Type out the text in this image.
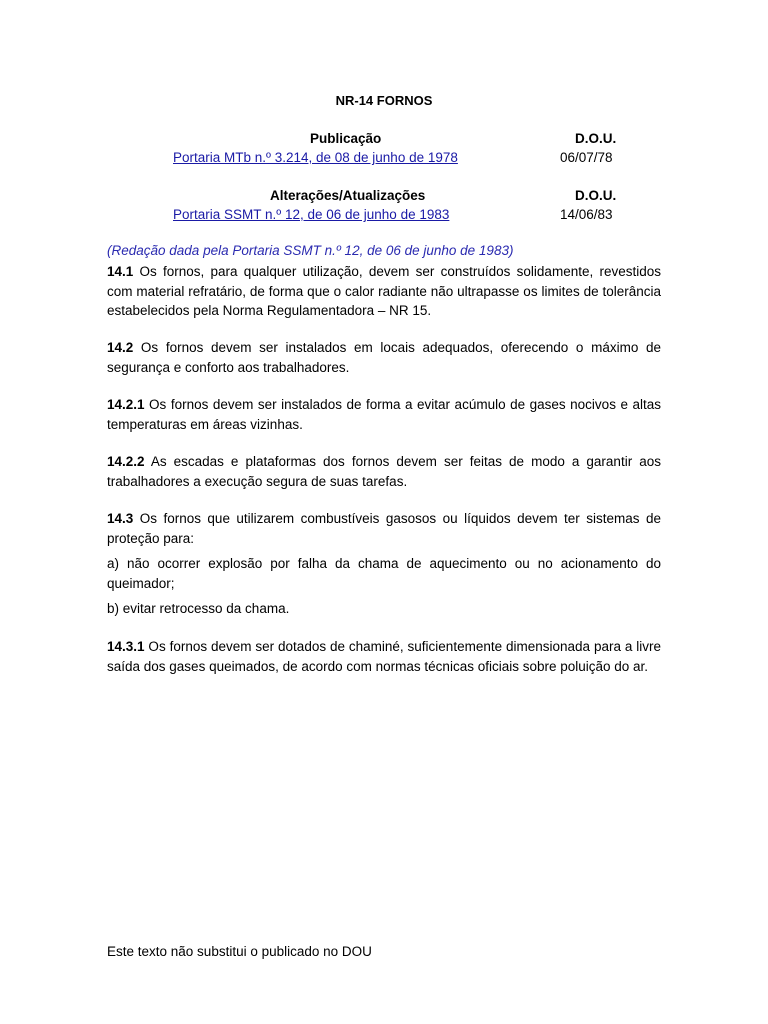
NR-14 FORNOS
Publicação	D.O.U.
Portaria MTb n.º 3.214, de 08 de junho de 1978	06/07/78
Alterações/Atualizações	D.O.U.
Portaria SSMT n.º 12, de 06 de junho de 1983	14/06/83
(Redação dada pela Portaria SSMT n.º 12, de 06 de junho de 1983)
14.1 Os fornos, para qualquer utilização, devem ser construídos solidamente, revestidos com material refratário, de forma que o calor radiante não ultrapasse os limites de tolerância estabelecidos pela Norma Regulamentadora – NR 15.
14.2 Os fornos devem ser instalados em locais adequados, oferecendo o máximo de segurança e conforto aos trabalhadores.
14.2.1 Os fornos devem ser instalados de forma a evitar acúmulo de gases nocivos e altas temperaturas em áreas vizinhas.
14.2.2 As escadas e plataformas dos fornos devem ser feitas de modo a garantir aos trabalhadores a execução segura de suas tarefas.
14.3 Os fornos que utilizarem combustíveis gasosos ou líquidos devem ter sistemas de proteção para:
a) não ocorrer explosão por falha da chama de aquecimento ou no acionamento do queimador;
b) evitar retrocesso da chama.
14.3.1 Os fornos devem ser dotados de chaminé, suficientemente dimensionada para a livre saída dos gases queimados, de acordo com normas técnicas oficiais sobre poluição do ar.
Este texto não substitui o publicado no DOU
